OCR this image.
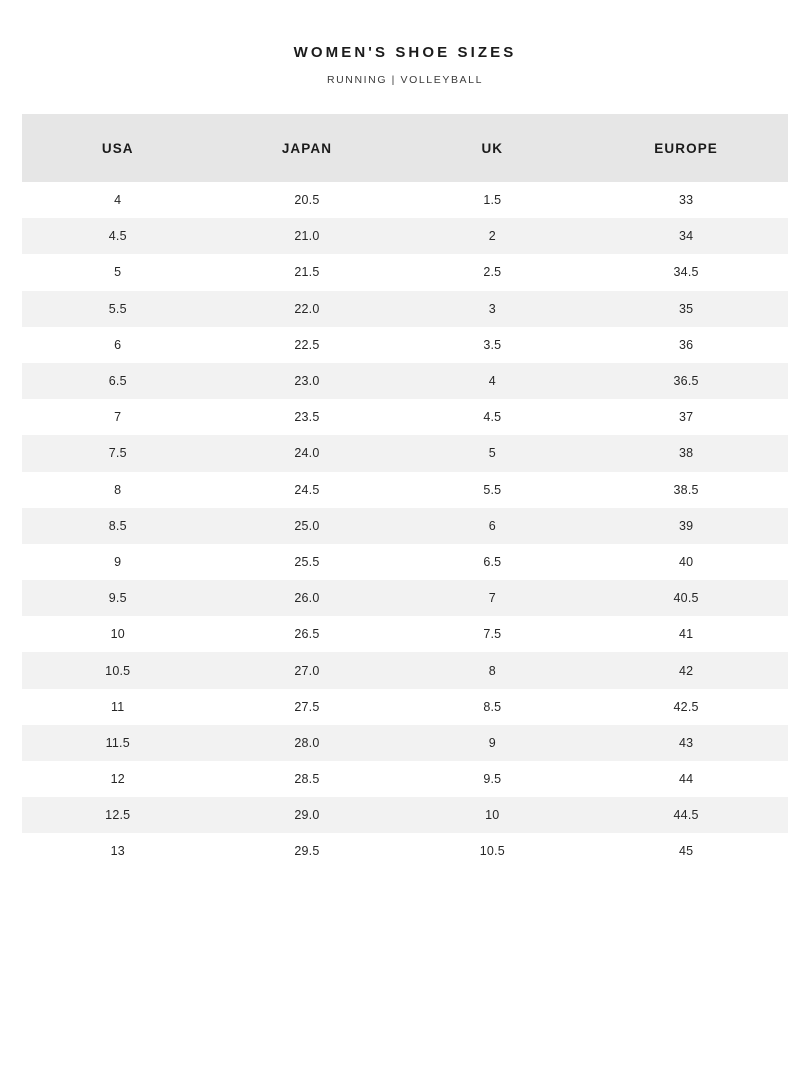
WOMEN'S SHOE SIZES
RUNNING | VOLLEYBALL
USA	JAPAN	UK	EUROPE
4	20.5	1.5	33
4.5	21.0	2	34
5	21.5	2.5	34.5
5.5	22.0	3	35
6	22.5	3.5	36
6.5	23.0	4	36.5
7	23.5	4.5	37
7.5	24.0	5	38
8	24.5	5.5	38.5
8.5	25.0	6	39
9	25.5	6.5	40
9.5	26.0	7	40.5
10	26.5	7.5	41
10.5	27.0	8	42
11	27.5	8.5	42.5
11.5	28.0	9	43
12	28.5	9.5	44
12.5	29.0	10	44.5
13	29.5	10.5	45
